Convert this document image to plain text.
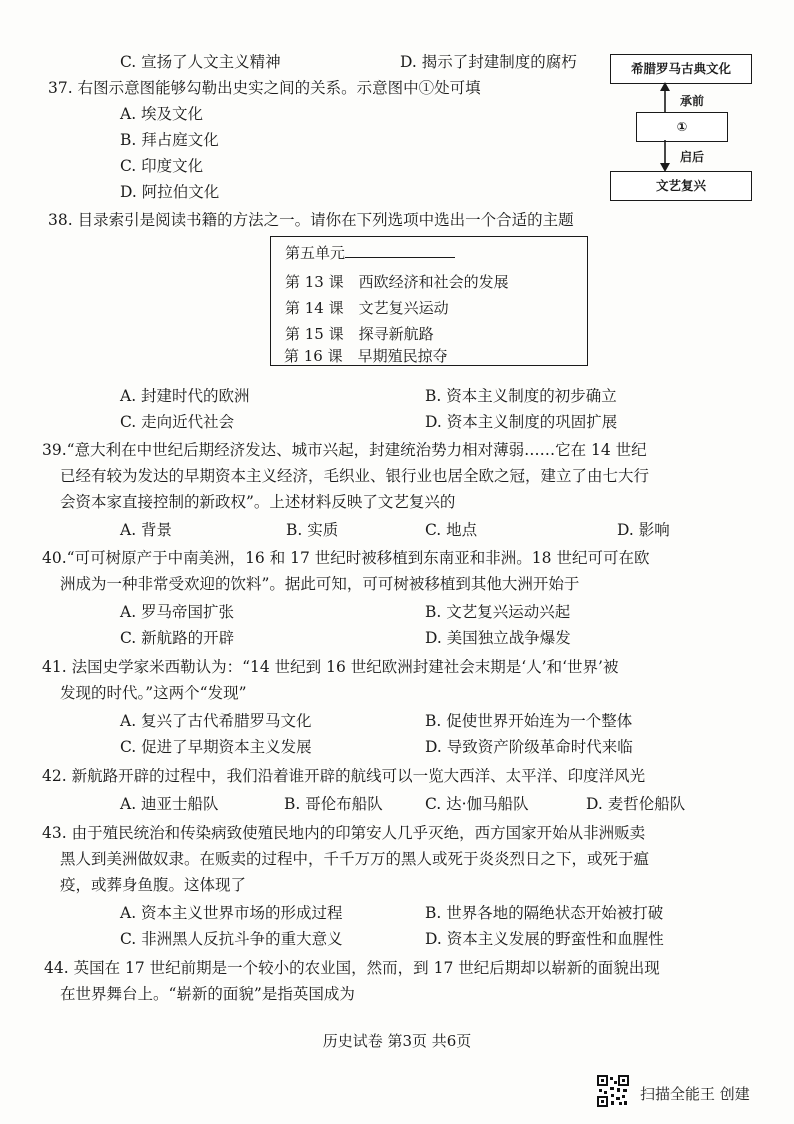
C. 宣扬了人文主义精神	D. 揭示了封建制度的腐朽	希腊罗马古典文化
承前
①
启后
文艺复兴
37. 右图示意图能够勾勒出史实之间的关系。示意图中①处可填
A. 埃及文化
B. 拜占庭文化
C. 印度文化
D. 阿拉伯文化
38. 目录索引是阅读书籍的方法之一。请你在下列选项中选出一个合适的主题
第五单元
第 13 课　西欧经济和社会的发展
第 14 课　文艺复兴运动
第 15 课　探寻新航路
第 16 课　早期殖民掠夺
A. 封建时代的欧洲	B. 资本主义制度的初步确立
C. 走向近代社会	D. 资本主义制度的巩固扩展
39.“意大利在中世纪后期经济发达、城市兴起，封建统治势力相对薄弱……它在 14 世纪
已经有较为发达的早期资本主义经济，毛织业、银行业也居全欧之冠，建立了由七大行
会资本家直接控制的新政权”。上述材料反映了文艺复兴的
A. 背景	B. 实质	C. 地点	D. 影响
40.“可可树原产于中南美洲，16 和 17 世纪时被移植到东南亚和非洲。18 世纪可可在欧
洲成为一种非常受欢迎的饮料”。据此可知，可可树被移植到其他大洲开始于
A. 罗马帝国扩张	B. 文艺复兴运动兴起
C. 新航路的开辟	D. 美国独立战争爆发
41. 法国史学家米西勒认为：“14 世纪到 16 世纪欧洲封建社会末期是‘人’和‘世界’被
发现的时代。”这两个“发现”
A. 复兴了古代希腊罗马文化	B. 促使世界开始连为一个整体
C. 促进了早期资本主义发展	D. 导致资产阶级革命时代来临
42. 新航路开辟的过程中，我们沿着谁开辟的航线可以一览大西洋、太平洋、印度洋风光
A. 迪亚士船队	B. 哥伦布船队	C. 达·伽马船队	D. 麦哲伦船队
43. 由于殖民统治和传染病致使殖民地内的印第安人几乎灭绝，西方国家开始从非洲贩卖
黑人到美洲做奴隶。在贩卖的过程中，千千万万的黑人或死于炎炎烈日之下，或死于瘟
疫，或葬身鱼腹。这体现了
A. 资本主义世界市场的形成过程	B. 世界各地的隔绝状态开始被打破
C. 非洲黑人反抗斗争的重大意义	D. 资本主义发展的野蛮性和血腥性
44. 英国在 17 世纪前期是一个较小的农业国，然而，到 17 世纪后期却以崭新的面貌出现
在世界舞台上。“崭新的面貌”是指英国成为
历史试卷 第3页 共6页
扫描全能王 创建
